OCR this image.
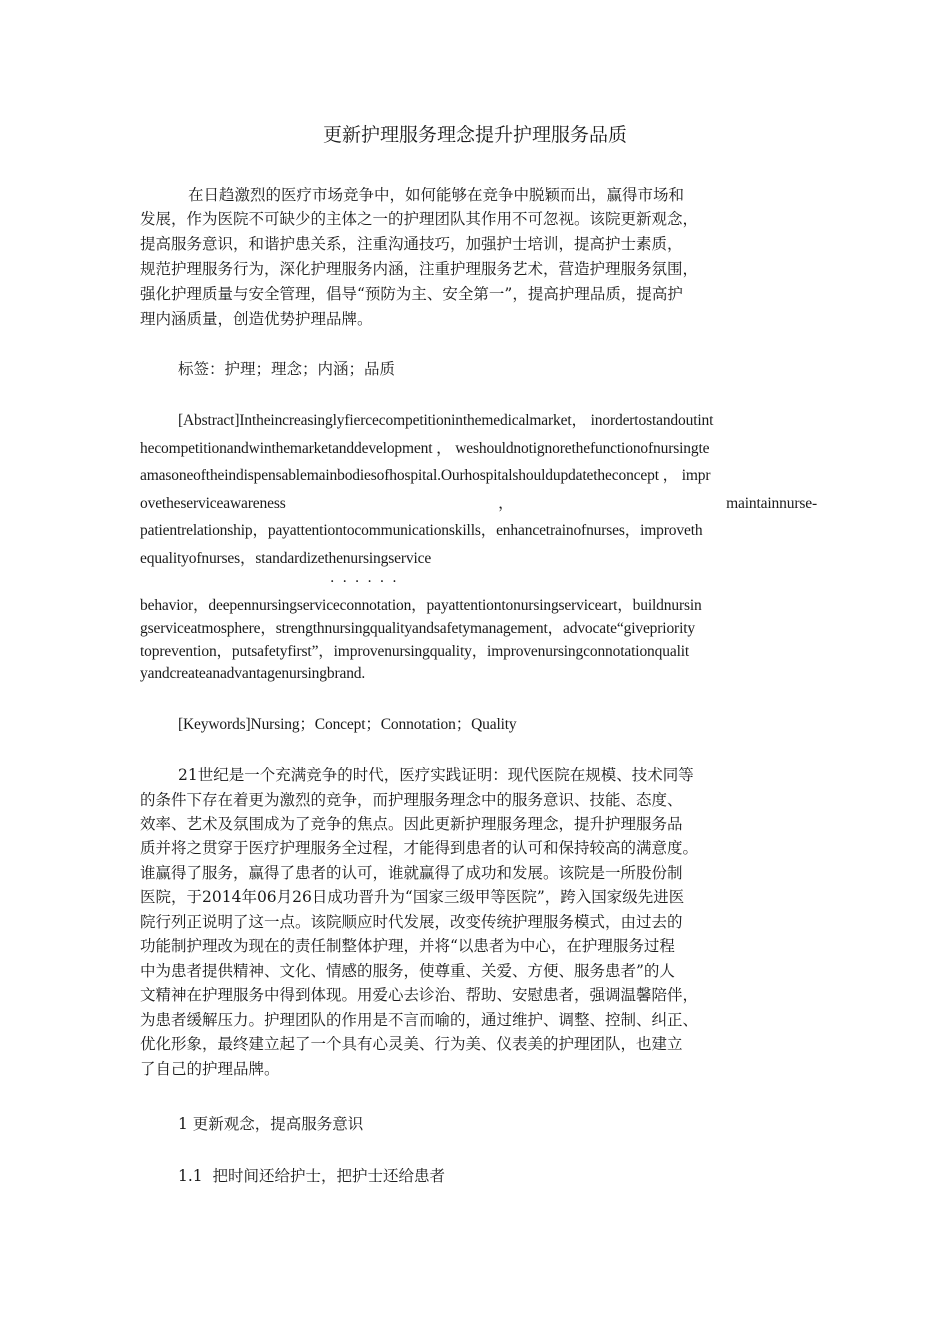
更新护理服务理念提升护理服务品质
在日趋激烈的医疗市场竞争中，如何能够在竞争中脱颖而出，赢得市场和
发展，作为医院不可缺少的主体之一的护理团队其作用不可忽视。该院更新观念，
提高服务意识，和谐护患关系，注重沟通技巧，加强护士培训，提高护士素质，
规范护理服务行为，深化护理服务内涵，注重护理服务艺术，营造护理服务氛围，
强化护理质量与安全管理，倡导“预防为主、安全第一”，提高护理品质，提高护
理内涵质量，创造优势护理品牌。
标签：护理；理念；内涵；品质
[Abstract]Intheincreasinglyfiercecompetitioninthemedicalmarket， inordertostandoutint
hecompetitionandwinthemarketanddevelopment ， weshouldnotignorethefunctionofnursingte
amasoneoftheindispensablemainbodiesofhospital.Ourhospitalshouldupdatetheconcept ， impr
ovetheserviceawareness	，	maintainnurse-
patientrelationship，payattentiontocommunicationskills，enhancetrainofnurses，improveth
equalityofnurses，standardizethenursingservice
······
behavior，deepennursingserviceconnotation，payattentiontonursingserviceart，buildnursin
gserviceatmosphere，strengthnursingqualityandsafetymanagement，advocate“givepriority
toprevention，putsafetyfirst”，improvenursingquality，improvenursingconnotationqualit
yandcreateanadvantagenursingbrand.
[Keywords]Nursing；Concept；Connotation；Quality
21世纪是一个充满竞争的时代，医疗实践证明：现代医院在规模、技术同等
的条件下存在着更为激烈的竞争，而护理服务理念中的服务意识、技能、态度、
效率、艺术及氛围成为了竞争的焦点。因此更新护理服务理念，提升护理服务品
质并将之贯穿于医疗护理服务全过程，才能得到患者的认可和保持较高的满意度。
谁赢得了服务，赢得了患者的认可，谁就赢得了成功和发展。该院是一所股份制
医院，于2014年06月26日成功晋升为“国家三级甲等医院”，跨入国家级先进医
院行列正说明了这一点。该院顺应时代发展，改变传统护理服务模式，由过去的
功能制护理改为现在的责任制整体护理，并将“以患者为中心，在护理服务过程
中为患者提供精神、文化、情感的服务，使尊重、关爱、方便、服务患者”的人
文精神在护理服务中得到体现。用爱心去诊治、帮助、安慰患者，强调温馨陪伴，
为患者缓解压力。护理团队的作用是不言而喻的，通过维护、调整、控制、纠正、
优化形象，最终建立起了一个具有心灵美、行为美、仪表美的护理团队，也建立
了自己的护理品牌。
1 更新观念，提高服务意识
1.1  把时间还给护士，把护士还给患者
